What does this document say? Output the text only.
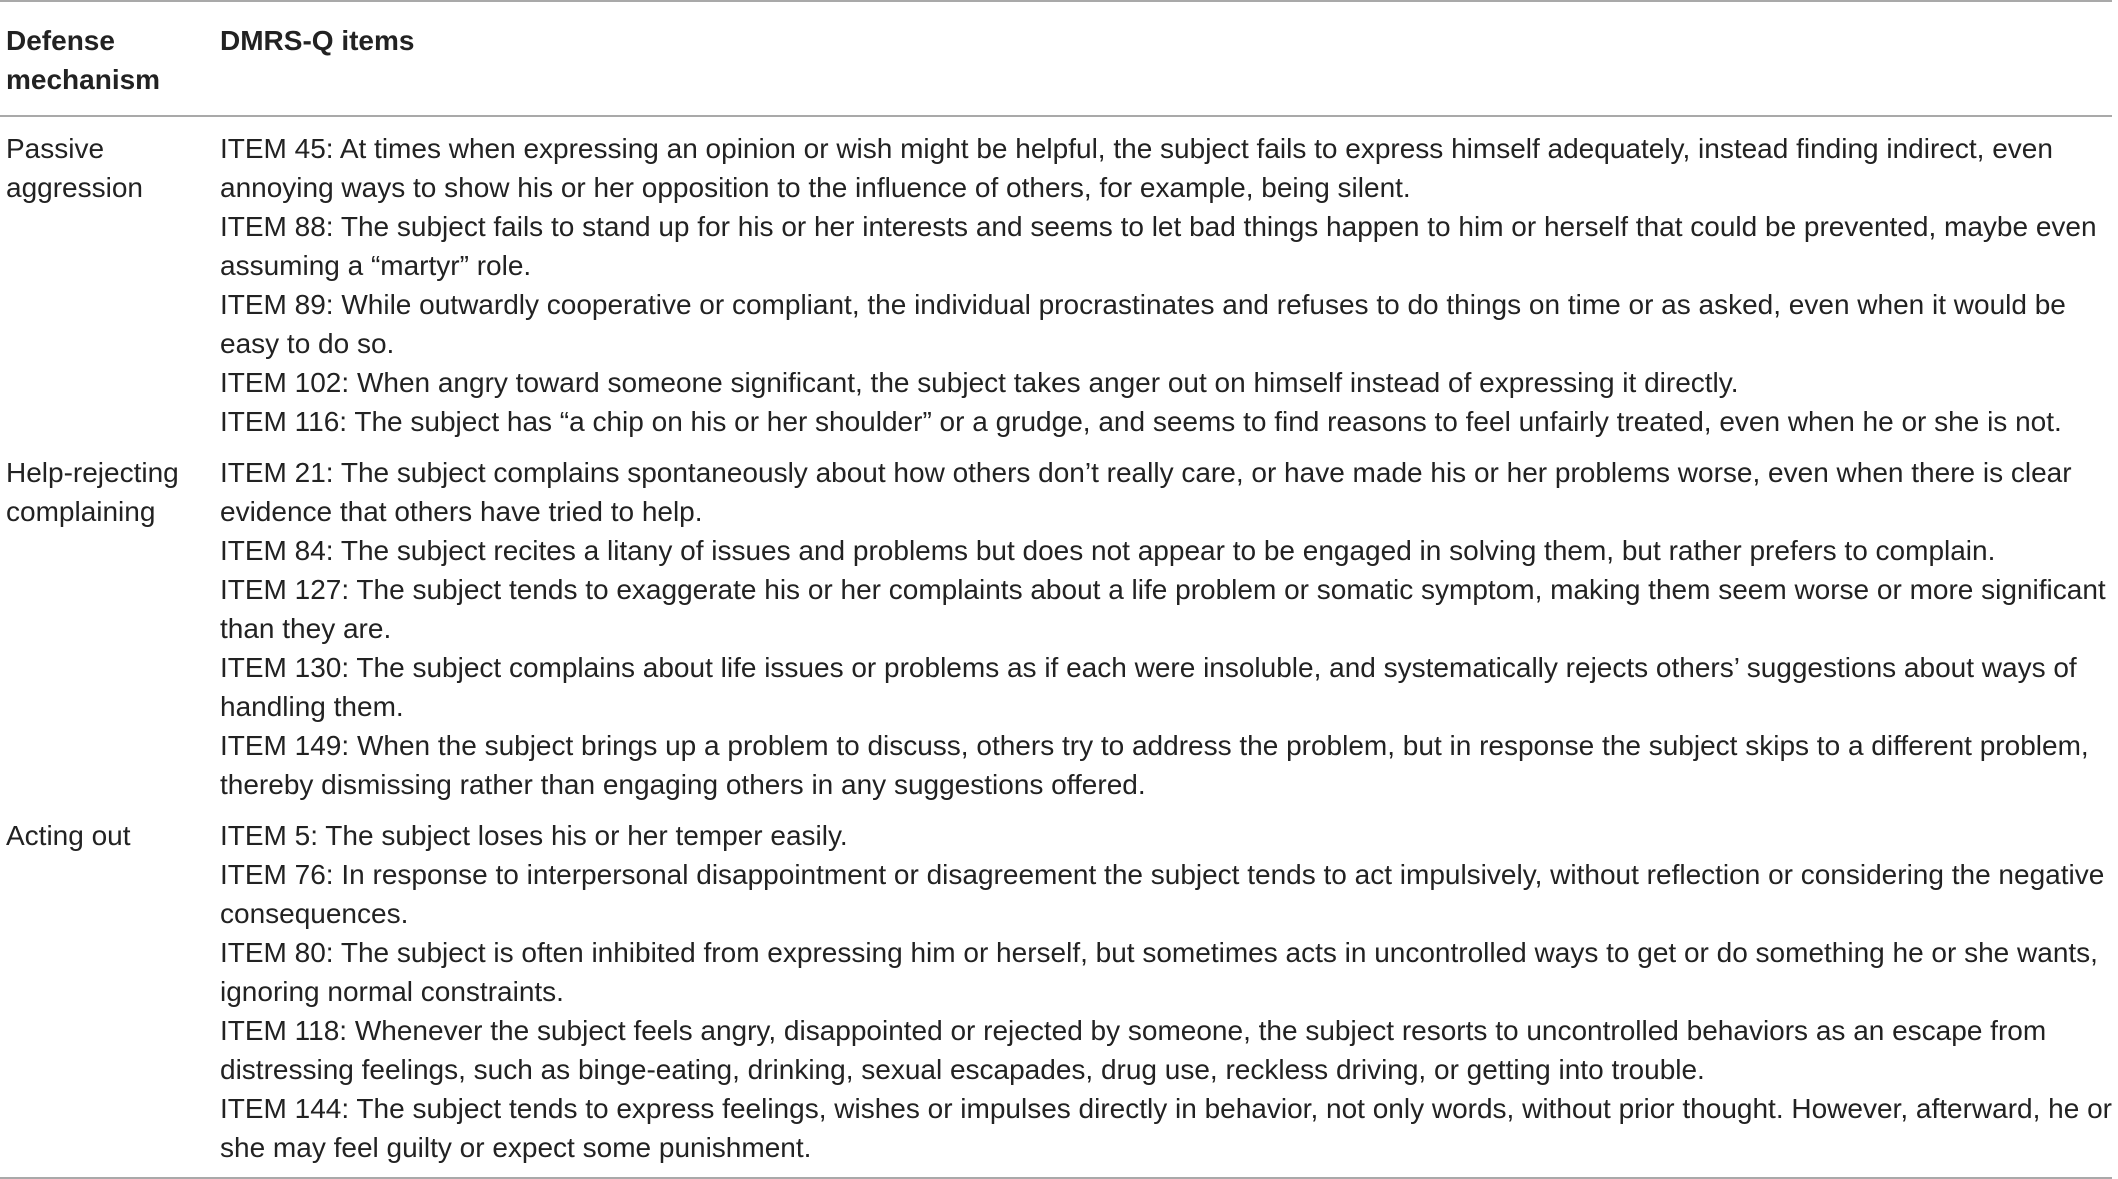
Defense mechanism	DMRS-Q items
Passive aggression	ITEM 45: At times when expressing an opinion or wish might be helpful, the subject fails to express himself adequately, instead finding indirect, even annoying ways to show his or her opposition to the influence of others, for example, being silent.
ITEM 88: The subject fails to stand up for his or her interests and seems to let bad things happen to him or herself that could be prevented, maybe even assuming a “martyr” role.
ITEM 89: While outwardly cooperative or compliant, the individual procrastinates and refuses to do things on time or as asked, even when it would be easy to do so.
ITEM 102: When angry toward someone significant, the subject takes anger out on himself instead of expressing it directly.
ITEM 116: The subject has “a chip on his or her shoulder” or a grudge, and seems to find reasons to feel unfairly treated, even when he or she is not.

Help-rejecting complaining	ITEM 21: The subject complains spontaneously about how others don’t really care, or have made his or her problems worse, even when there is clear evidence that others have tried to help.
ITEM 84: The subject recites a litany of issues and problems but does not appear to be engaged in solving them, but rather prefers to complain.
ITEM 127: The subject tends to exaggerate his or her complaints about a life problem or somatic symptom, making them seem worse or more significant than they are.
ITEM 130: The subject complains about life issues or problems as if each were insoluble, and systematically rejects others’ suggestions about ways of handling them.
ITEM 149: When the subject brings up a problem to discuss, others try to address the problem, but in response the subject skips to a different problem, thereby dismissing rather than engaging others in any suggestions offered.

Acting out	ITEM 5: The subject loses his or her temper easily.
ITEM 76: In response to interpersonal disappointment or disagreement the subject tends to act impulsively, without reflection or considering the negative consequences.
ITEM 80: The subject is often inhibited from expressing him or herself, but sometimes acts in uncontrolled ways to get or do something he or she wants, ignoring normal constraints.
ITEM 118: Whenever the subject feels angry, disappointed or rejected by someone, the subject resorts to uncontrolled behaviors as an escape from distressing feelings, such as binge-eating, drinking, sexual escapades, drug use, reckless driving, or getting into trouble.
ITEM 144: The subject tends to express feelings, wishes or impulses directly in behavior, not only words, without prior thought. However, afterward, he or she may feel guilty or expect some punishment.
